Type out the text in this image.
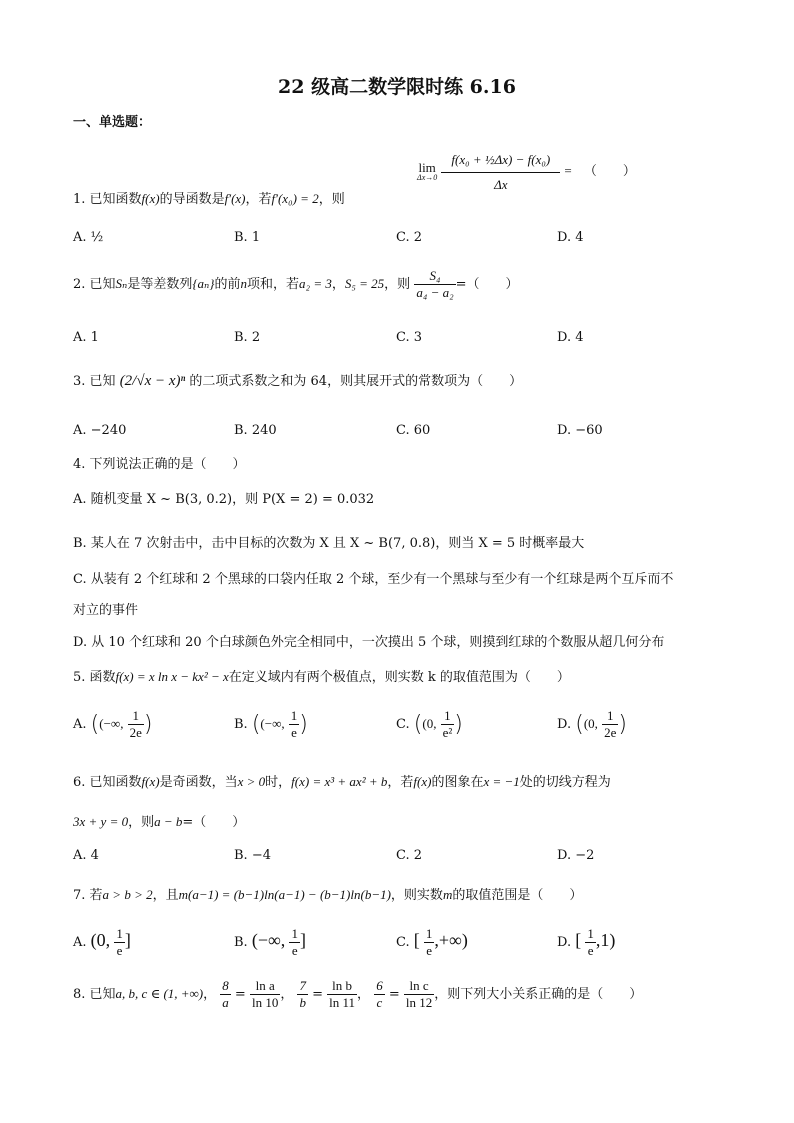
22 级高二数学限时练 6.16
一、单选题：
lim
Δx→0
$\frac{\text{f(x₀ + ½Δx) − f(x₀)}}{\Delta x}$ = （　　）
1. 已知函数f(x)的导函数是f′(x)，若f′(x₀) = 2，则
A. ½	B. 1	C. 2	D. 4
2. 已知Sₙ是等差数列{aₙ}的前n项和，若a₂ = 3，S₅ = 25，则 $\frac{\text{S₄}}{\text{a₄ − a₂}}$ =（　　）
A. 1	B. 2	C. 3	D. 4
3. 已知 (2/√x − x)ⁿ 的二项式系数之和为 64，则其展开式的常数项为（　　）
A. −240	B. 240	C. 60	D. −60
4. 下列说法正确的是（　　）
A. 随机变量 X ~ B(3, 0.2)，则 P(X = 2) = 0.032
B. 某人在 7 次射击中，击中目标的次数为 X 且 X ~ B(7, 0.8)，则当 X = 5 时概率最大
C. 从装有 2 个红球和 2 个黑球的口袋内任取 2 个球，至少有一个黑球与至少有一个红球是两个互斥而不
对立的事件
D. 从 10 个红球和 20 个白球颜色外完全相同中，一次摸出 5 个球，则摸到红球的个数服从超几何分布
5. 函数f(x) = x ln x − kx² − x在定义域内有两个极值点，则实数 k 的取值范围为（　　）
A. ((−∞, $\frac{1}{2e}$ )	B. ((−∞, $\frac{1}{e}$ )	C. ((0, $\frac{1}{\text{e²}}$ )	D. ((0, $\frac{1}{2e}$ )
6. 已知函数f(x)是奇函数，当x > 0时，f(x) = x³ + ax² + b，若f(x)的图象在x = −1处的切线方程为
3x + y = 0，则a − b=（　　）
A. 4	B. −4	C. 2	D. −2
7. 若a > b > 2，且m(a−1) = (b−1)ln(a−1) − (b−1)ln(b−1)，则实数m的取值范围是（　　）
A. (0, $\frac{1}{e}$ ]	B. (−∞, $\frac{1}{e}$ ]	C. [ $\frac{1}{e}$ ,+∞)	D. [ $\frac{1}{e} ,1$)
8. 已知a, b, c ∈ (1, +∞)， $\frac{8}{a} = \frac{\text{ln a}}{\ln 10}$ ， $\frac{7}{b} = \frac{\text{ln b}}{\ln 11}$ ， $\frac{6}{c} = \frac{\text{ln c}}{\ln 12}$ ，则下列大小关系正确的是（　　）
